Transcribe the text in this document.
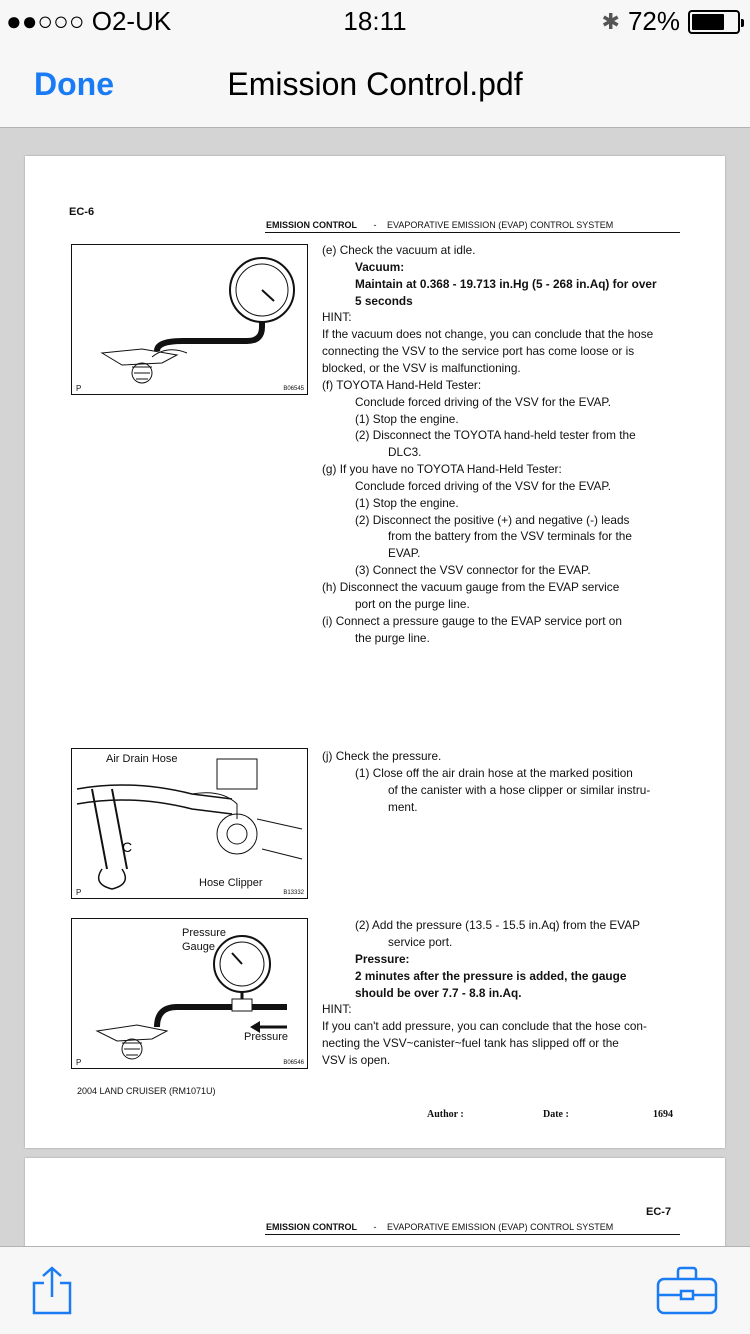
●●○○○ O2-UK	18:11	✱ 72%
Emission Control.pdf
Done
EC-6
EMISSION CONTROL - EVAPORATIVE EMISSION (EVAP) CONTROL SYSTEM
P	B06545
C
Air Drain Hose
Hose Clipper
P	B13332
Pressure
Gauge
Pressure
P	B06546
(e) Check the vacuum at idle.
Vacuum:
Maintain at 0.368 - 19.713 in.Hg (5 - 268 in.Aq) for over
5 seconds
HINT:
If the vacuum does not change, you can conclude that the hose
connecting the VSV to the service port has come loose or is
blocked, or the VSV is malfunctioning.
(f) TOYOTA Hand-Held Tester:
Conclude forced driving of the VSV for the EVAP.
(1) Stop the engine.
(2) Disconnect the TOYOTA hand-held tester from the
DLC3.
(g) If you have no TOYOTA Hand-Held Tester:
Conclude forced driving of the VSV for the EVAP.
(1) Stop the engine.
(2) Disconnect the positive (+) and negative (-) leads
from the battery from the VSV terminals for the
EVAP.
(3) Connect the VSV connector for the EVAP.
(h) Disconnect the vacuum gauge from the EVAP service
port on the purge line.
(i) Connect a pressure gauge to the EVAP service port on
the purge line.
(j) Check the pressure.
(1) Close off the air drain hose at the marked position
of the canister with a hose clipper or similar instru-
ment.
(2) Add the pressure (13.5 - 15.5 in.Aq) from the EVAP
service port.
Pressure:
2 minutes after the pressure is added, the gauge
should be over 7.7 - 8.8 in.Aq.
HINT:
If you can't add pressure, you can conclude that the hose con-
necting the VSV~canister~fuel tank has slipped off or the
VSV is open.
2004 LAND CRUISER (RM1071U)
Author :	Date :	1694
EC-7
EMISSION CONTROL - EVAPORATIVE EMISSION (EVAP) CONTROL SYSTEM
